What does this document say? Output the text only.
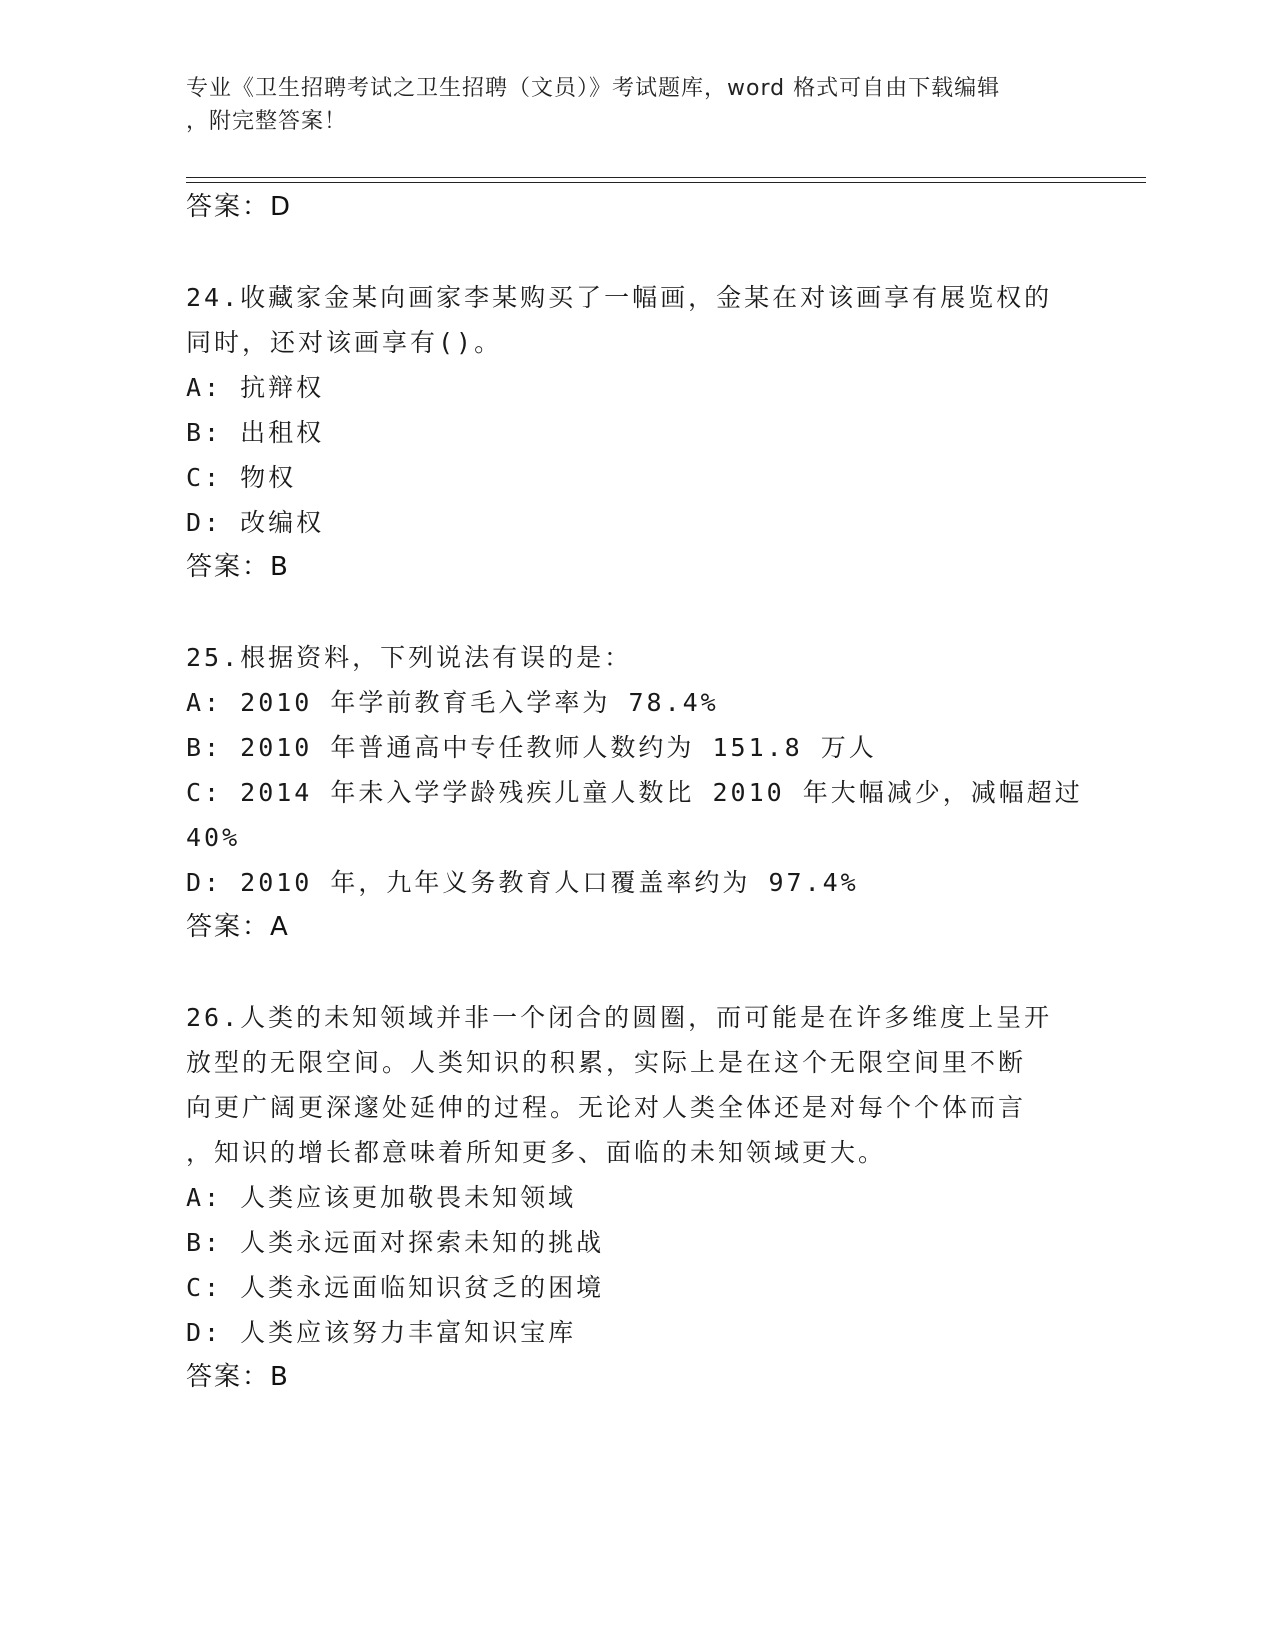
专业《卫生招聘考试之卫生招聘（文员）》考试题库，word 格式可自由下载编辑
，附完整答案！
答案：D
24.收藏家金某向画家李某购买了一幅画，金某在对该画享有展览权的
同时，还对该画享有()。
A: 抗辩权
B: 出租权
C: 物权
D: 改编权
答案：B
25.根据资料，下列说法有误的是：
A: 2010 年学前教育毛入学率为 78.4%
B: 2010 年普通高中专任教师人数约为 151.8 万人
C: 2014 年未入学学龄残疾儿童人数比 2010 年大幅减少，减幅超过
40%
D: 2010 年，九年义务教育人口覆盖率约为 97.4%
答案：A
26.人类的未知领域并非一个闭合的圆圈，而可能是在许多维度上呈开
放型的无限空间。人类知识的积累，实际上是在这个无限空间里不断
向更广阔更深邃处延伸的过程。无论对人类全体还是对每个个体而言
，知识的增长都意味着所知更多、面临的未知领域更大。
A: 人类应该更加敬畏未知领域
B: 人类永远面对探索未知的挑战
C: 人类永远面临知识贫乏的困境
D: 人类应该努力丰富知识宝库
答案：B
